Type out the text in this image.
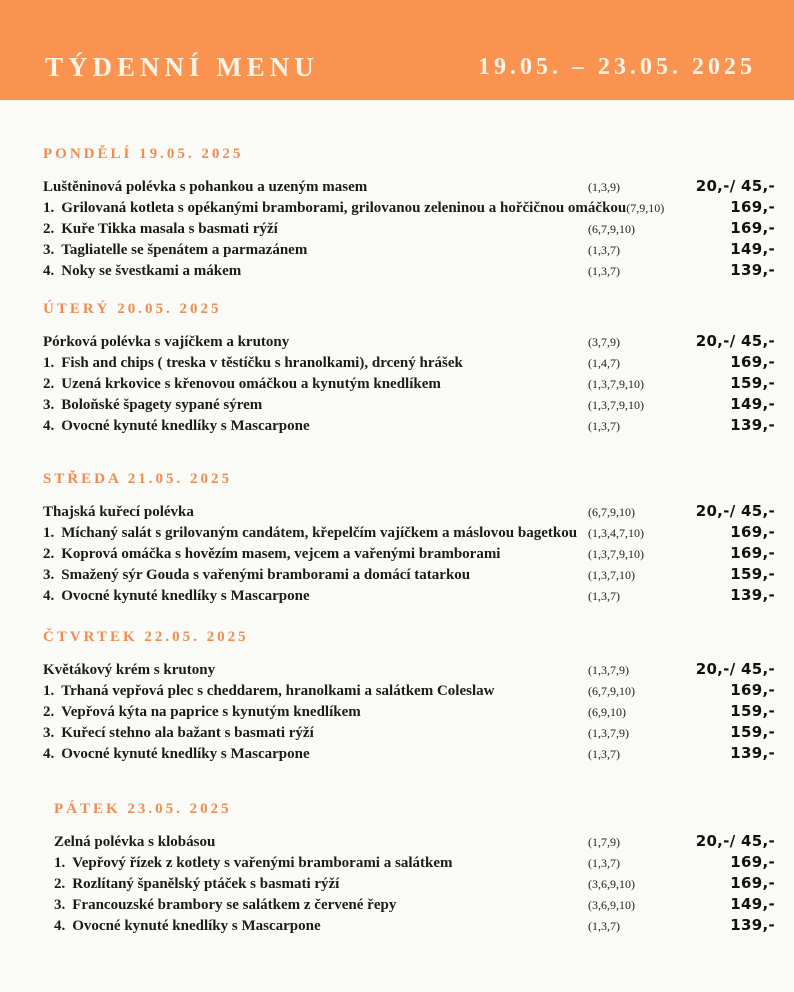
TÝDENNÍ MENU	19.05. – 23.05. 2025
PONDĚLÍ 19.05. 2025
Luštěninová polévka s pohankou a uzeným masem	(1,3,9)	20,-/ 45,-
1. Grilovaná kotleta s opékanými bramborami, grilovanou zeleninou a hořčičnou omáčkou (7,9,10)	169,-
2. Kuře Tikka masala s basmati rýží	(6,7,9,10)	169,-
3. Tagliatelle se špenátem a parmazánem	(1,3,7)	149,-
4. Noky se švestkami a mákem	(1,3,7)	139,-
ÚTERÝ 20.05. 2025
Pórková polévka s vajíčkem a krutony	(3,7,9)	20,-/ 45,-
1. Fish and chips ( treska v těstíčku s hranolkami), drcený hrášek	(1,4,7)	169,-
2. Uzená krkovice s křenovou omáčkou a kynutým knedlíkem	(1,3,7,9,10)	159,-
3. Boloňské špagety sypané sýrem	(1,3,7,9,10)	149,-
4. Ovocné kynuté knedlíky s Mascarpone	(1,3,7)	139,-
STŘEDA 21.05. 2025
Thajská kuřecí polévka	(6,7,9,10)	20,-/ 45,-
1. Míchaný salát s grilovaným candátem, křepelčím vajíčkem a máslovou bagetkou (1,3,4,7,10)	169,-
2. Koprová omáčka s hovězím masem, vejcem a vařenými bramborami	(1,3,7,9,10)	169,-
3. Smažený sýr Gouda s vařenými bramborami a domácí tatarkou	(1,3,7,10)	159,-
4. Ovocné kynuté knedlíky s Mascarpone	(1,3,7)	139,-
ČTVRTEK 22.05. 2025
Květákový krém s krutony	(1,3,7,9)	20,-/ 45,-
1. Trhaná vepřová plec s cheddarem, hranolkami a salátkem Coleslaw	(6,7,9,10)	169,-
2. Vepřová kýta na paprice s kynutým knedlíkem	(6,9,10)	159,-
3. Kuřecí stehno ala bažant s basmati rýží	(1,3,7,9)	159,-
4. Ovocné kynuté knedlíky s Mascarpone	(1,3,7)	139,-
PÁTEK 23.05. 2025
Zelná polévka s klobásou	(1,7,9)	20,-/ 45,-
1. Vepřový řízek z kotlety s vařenými bramborami a salátkem	(1,3,7)	169,-
2. Rozlítaný španělský ptáček s basmati rýží	(3,6,9,10)	169,-
3. Francouzské brambory se salátkem z červené řepy	(3,6,9,10)	149,-
4. Ovocné kynuté knedlíky s Mascarpone	(1,3,7)	139,-
